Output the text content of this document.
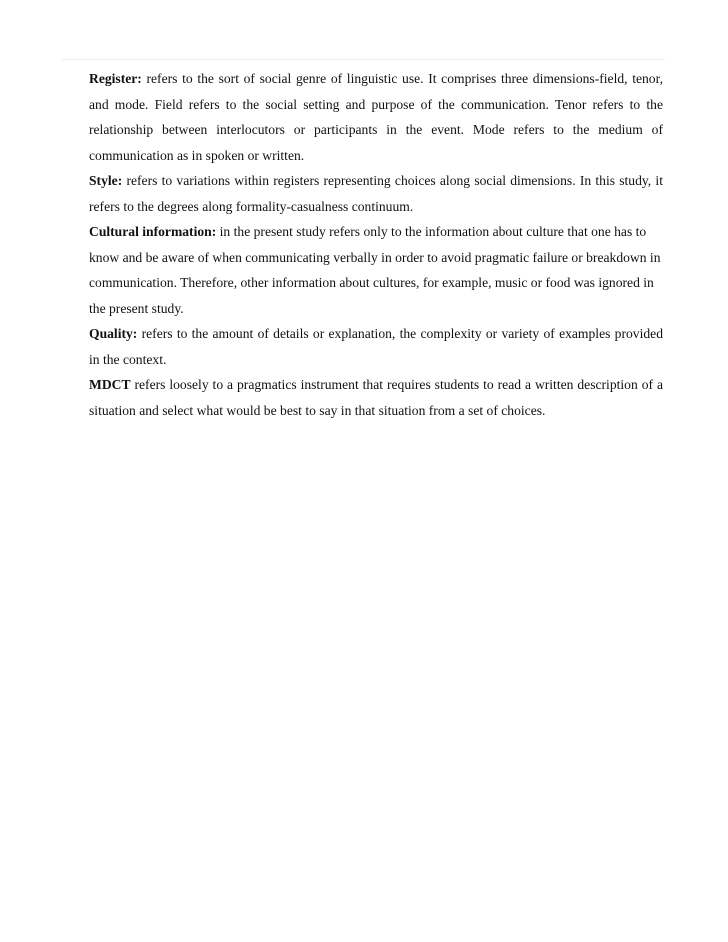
Register: refers to the sort of social genre of linguistic use. It comprises three dimensions-field, tenor, and mode. Field refers to the social setting and purpose of the communication. Tenor refers to the relationship between interlocutors or participants in the event. Mode refers to the medium of communication as in spoken or written.

Style: refers to variations within registers representing choices along social dimensions. In this study, it refers to the degrees along formality-casualness continuum.

Cultural information: in the present study refers only to the information about culture that one has to know and be aware of when communicating verbally in order to avoid pragmatic failure or breakdown in communication. Therefore, other information about cultures, for example, music or food was ignored in the present study.

Quality: refers to the amount of details or explanation, the complexity or variety of examples provided in the context.

MDCT refers loosely to a pragmatics instrument that requires students to read a written description of a situation and select what would be best to say in that situation from a set of choices.
